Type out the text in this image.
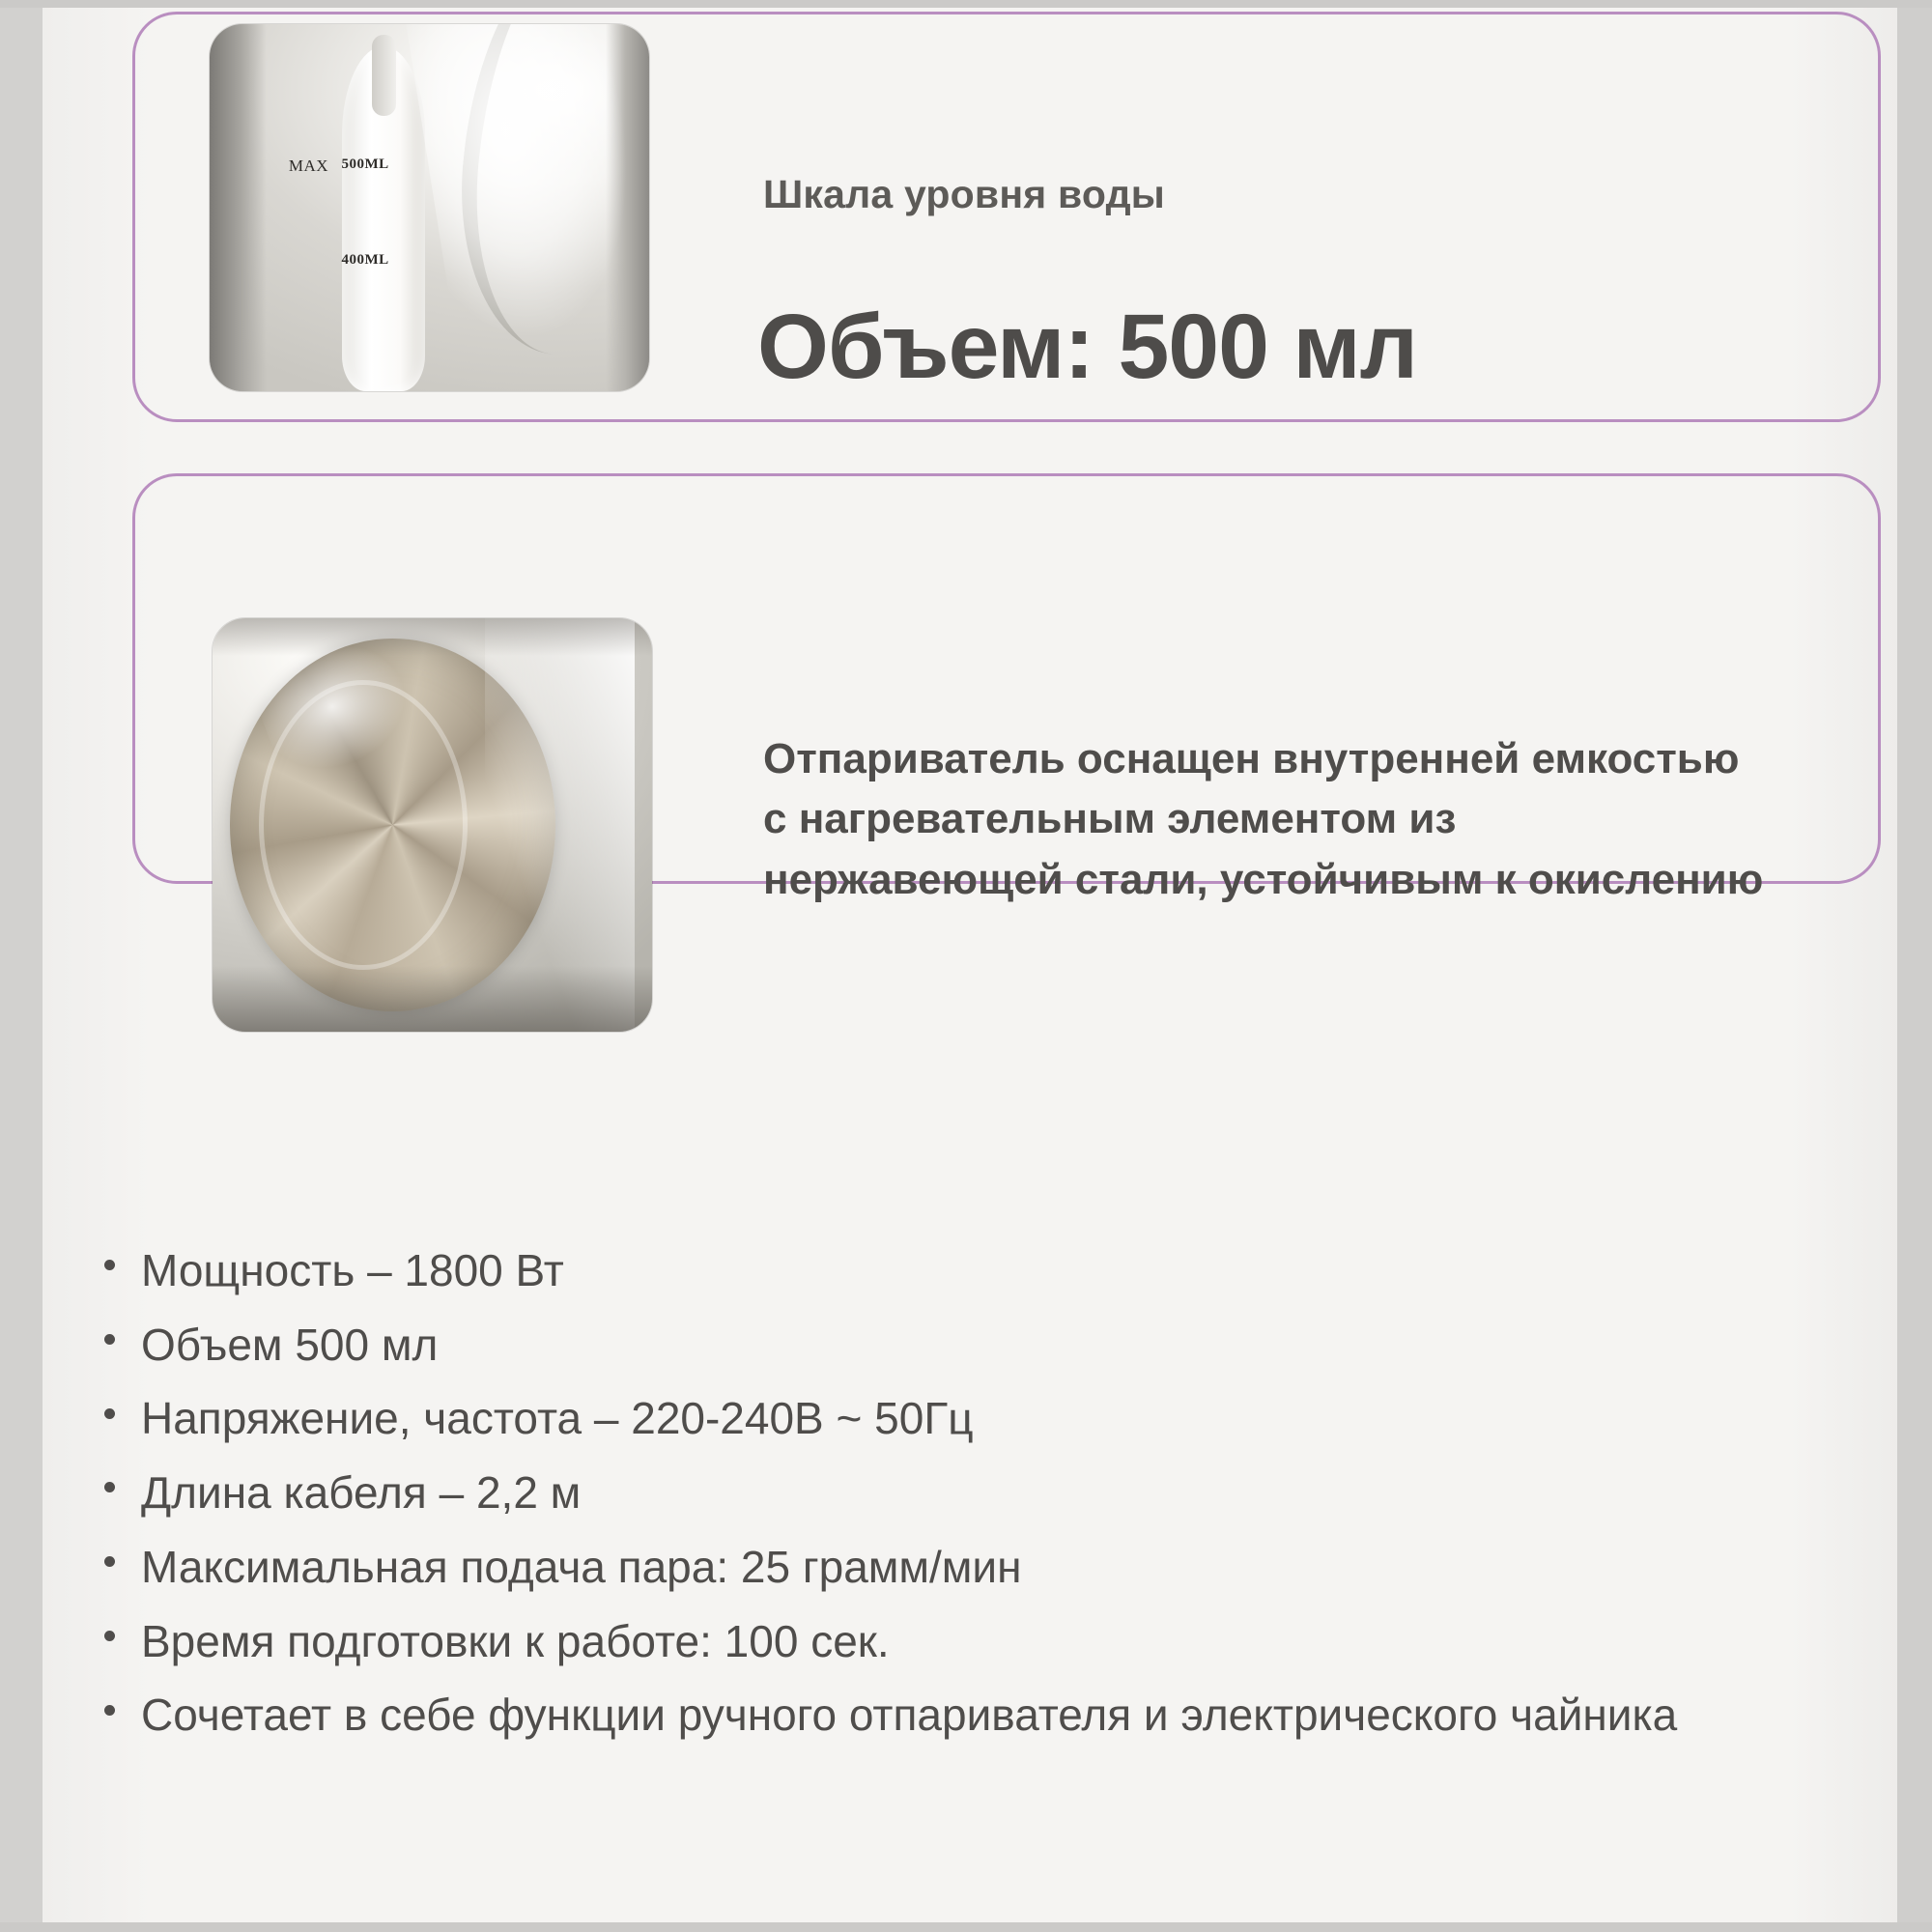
MAX 500ML
400ML
Шкала уровня воды
Объем: 500 мл
Отпариватель оснащен внутренней емкостью с нагревательным элементом из нержавеющей стали, устойчивым к окислению
Мощность – 1800 Вт
Объем 500 мл
Напряжение, частота – 220-240В ~ 50Гц
Длина кабеля – 2,2 м
Максимальная подача пара: 25 грамм/мин
Время подготовки к работе: 100 сек.
Сочетает в себе функции ручного отпаривателя и электрического чайника
